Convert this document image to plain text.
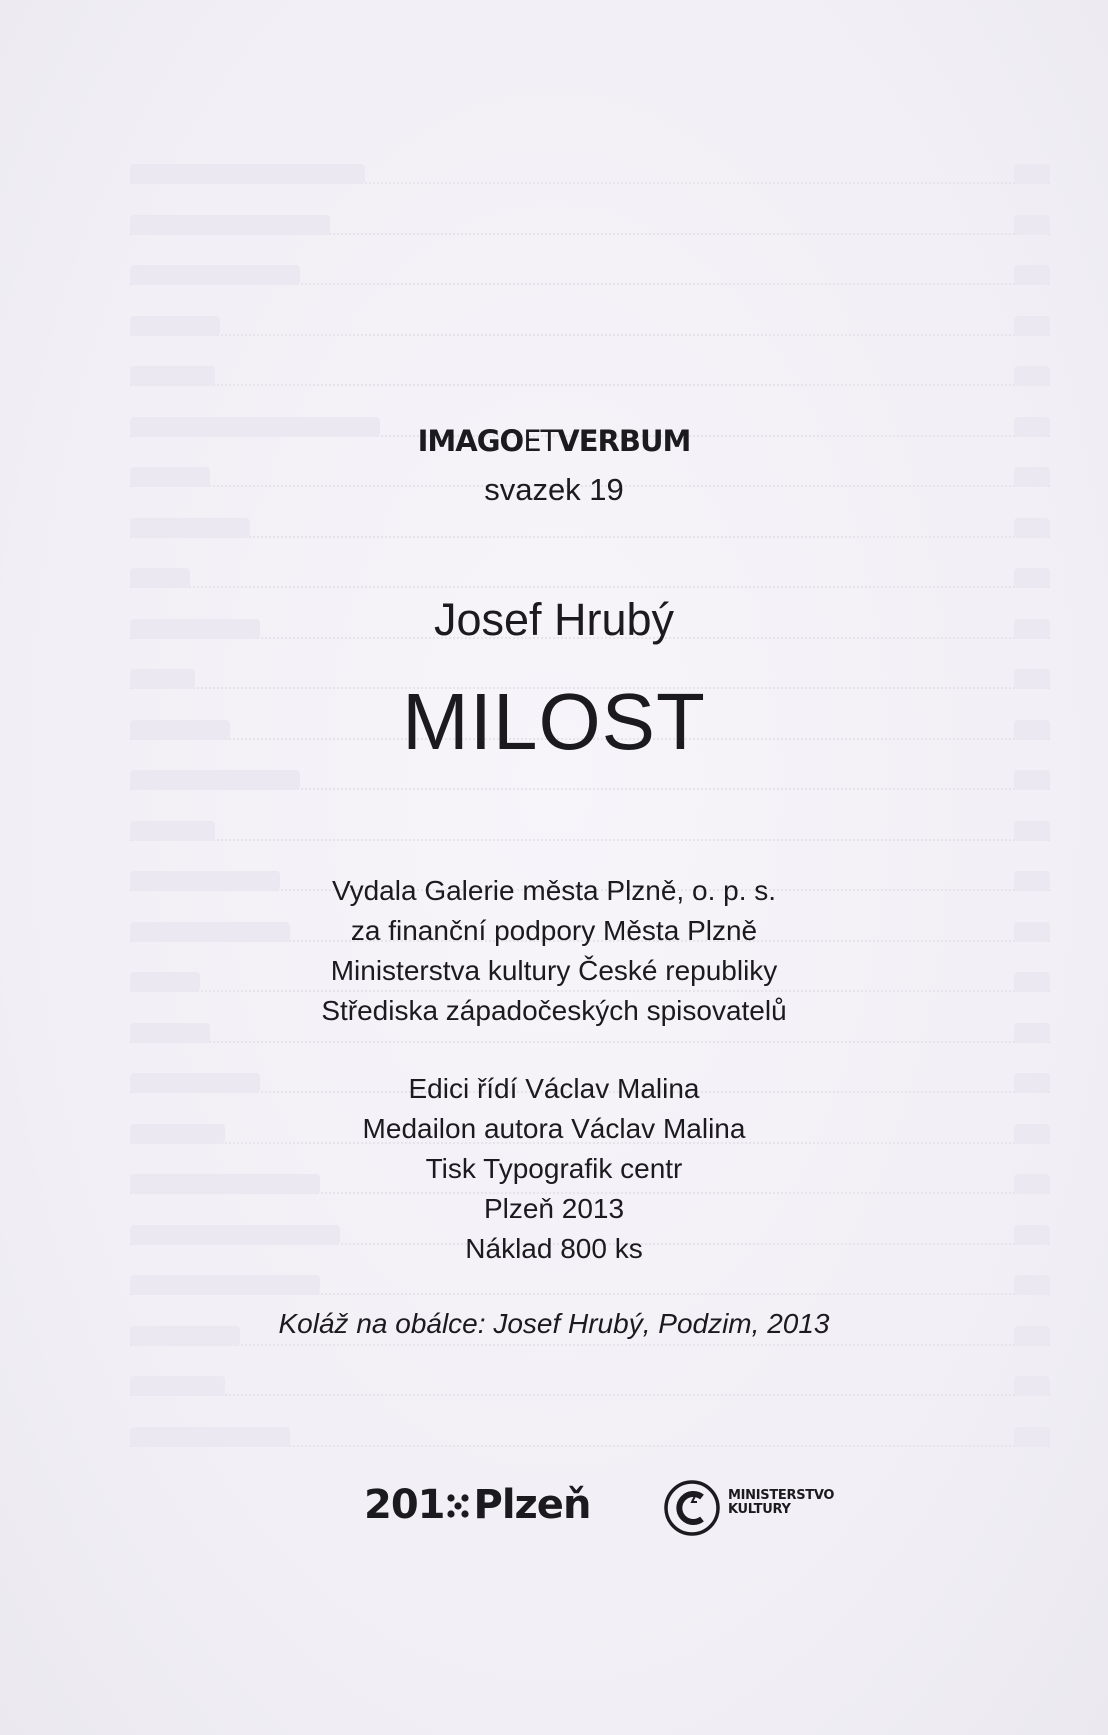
IMAGOETVERBUM
svazek 19
Josef Hrubý
MILOST
Vydala Galerie města Plzně, o. p. s.
za finanční podpory Města Plzně
Ministerstva kultury České republiky
Střediska západočeských spisovatelů
Edici řídí Václav Malina
Medailon autora Václav Malina
Tisk Typografik centr
Plzeň 2013
Náklad 800 ks
Koláž na obálce: Josef Hrubý, Podzim, 2013
201 Plzeň	MINISTERSTVO
KULTURY
